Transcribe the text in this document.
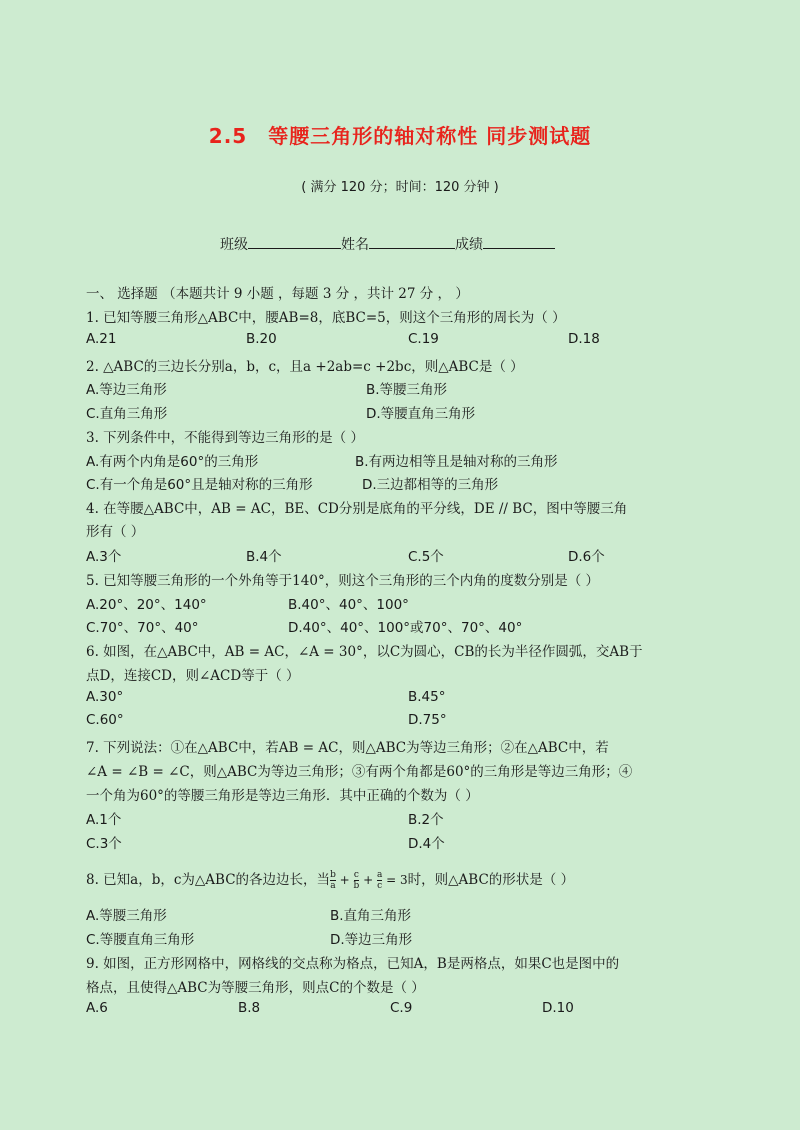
2.5　等腰三角形的轴对称性 同步测试题
( 满分 120 分；时间：120 分钟 )
班级	姓名	成绩
一、 选择题 （本题共计 9 小题 ，每题 3 分 ，共计 27 分 ， ）
1. 已知等腰三角形△ABC中，腰AB=8，底BC=5，则这个三角形的周长为（ ）
A.21	B.20	C.19	D.18
2. △ABC的三边长分别a，b，c，且a +2ab=c +2bc，则△ABC是（ ）
A.等边三角形	B.等腰三角形
C.直角三角形	D.等腰直角三角形
3. 下列条件中，不能得到等边三角形的是（ ）
A.有两个内角是60°的三角形	B.有两边相等且是轴对称的三角形
C.有一个角是60°且是轴对称的三角形	D.三边都相等的三角形
4. 在等腰△ABC中，AB = AC，BE、CD分别是底角的平分线，DE // BC，图中等腰三角
形有（ ）
A.3个	B.4个	C.5个	D.6个
5. 已知等腰三角形的一个外角等于140°，则这个三角形的三个内角的度数分别是（ ）
A.20°、20°、140°	B.40°、40°、100°
C.70°、70°、40°	D.40°、40°、100°或70°、70°、40°
6. 如图，在△ABC中，AB = AC，∠A = 30°，以C为圆心，CB的长为半径作圆弧，交AB于
点D，连接CD，则∠ACD等于（ ）
A.30°	B.45°
C.60°	D.75°
7. 下列说法：①在△ABC中，若AB = AC，则△ABC为等边三角形；②在△ABC中，若
∠A = ∠B = ∠C，则△ABC为等边三角形；③有两个角都是60°的三角形是等边三角形；④
一个角为60°的等腰三角形是等边三角形．其中正确的个数为（ ）
A.1个	B.2个
C.3个	D.4个
8. 已知a，b，c为△ABC的各边边长，当 $\frac{b}{a} + \frac{c}{b} + \frac{a}{c} = 3$时，则△ABC的形状是（ ）
A.等腰三角形	B.直角三角形
C.等腰直角三角形	D.等边三角形
9. 如图，正方形网格中，网格线的交点称为格点，已知A，B是两格点，如果C也是图中的
格点，且使得△ABC为等腰三角形，则点C的个数是（ ）
A.6	B.8	C.9	D.10
